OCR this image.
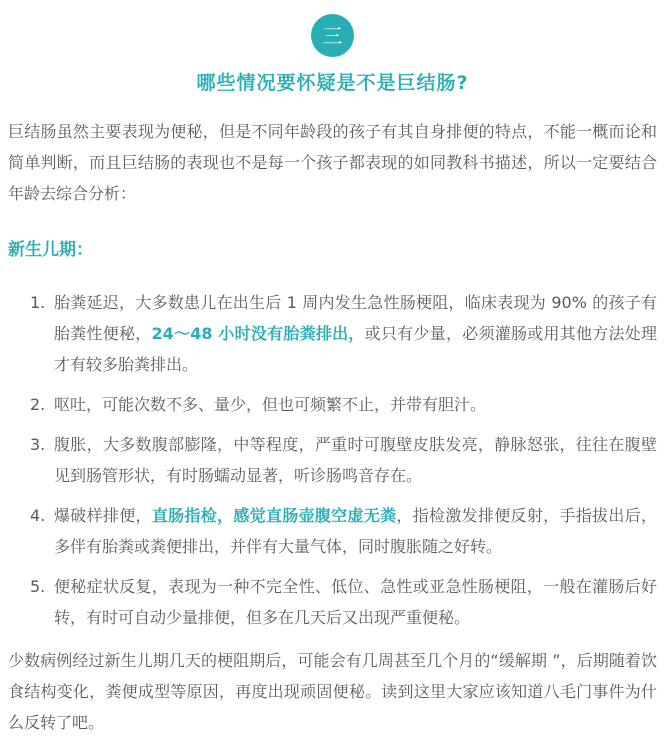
三
哪些情况要怀疑是不是巨结肠?

巨结肠虽然主要表现为便秘，但是不同年龄段的孩子有其自身排便的特点，不能一概而论和简单判断，而且巨结肠的表现也不是每一个孩子都表现的如同教科书描述，所以一定要结合年龄去综合分析：

新生儿期：
1. 胎粪延迟，大多数患儿在出生后 1 周内发生急性肠梗阻，临床表现为 90% 的孩子有胎粪性便秘，24～48 小时没有胎粪排出，或只有少量，必须灌肠或用其他方法处理才有较多胎粪排出。
2. 呕吐，可能次数不多、量少，但也可频繁不止，并带有胆汁。
3. 腹胀，大多数腹部膨隆，中等程度，严重时可腹壁皮肤发亮，静脉怒张，往往在腹壁见到肠管形状，有时肠蠕动显著，听诊肠鸣音存在。
4. 爆破样排便，直肠指检，感觉直肠壶腹空虚无粪，指检激发排便反射，手指拔出后，多伴有胎粪或粪便排出，并伴有大量气体，同时腹胀随之好转。
5. 便秘症状反复，表现为一种不完全性、低位、急性或亚急性肠梗阻，一般在灌肠后好转，有时可自动少量排便，但多在几天后又出现严重便秘。

少数病例经过新生儿期几天的梗阻期后，可能会有几周甚至几个月的“缓解期 ”，后期随着饮食结构变化，粪便成型等原因，再度出现顽固便秘。读到这里大家应该知道八毛门事件为什么反转了吧。
